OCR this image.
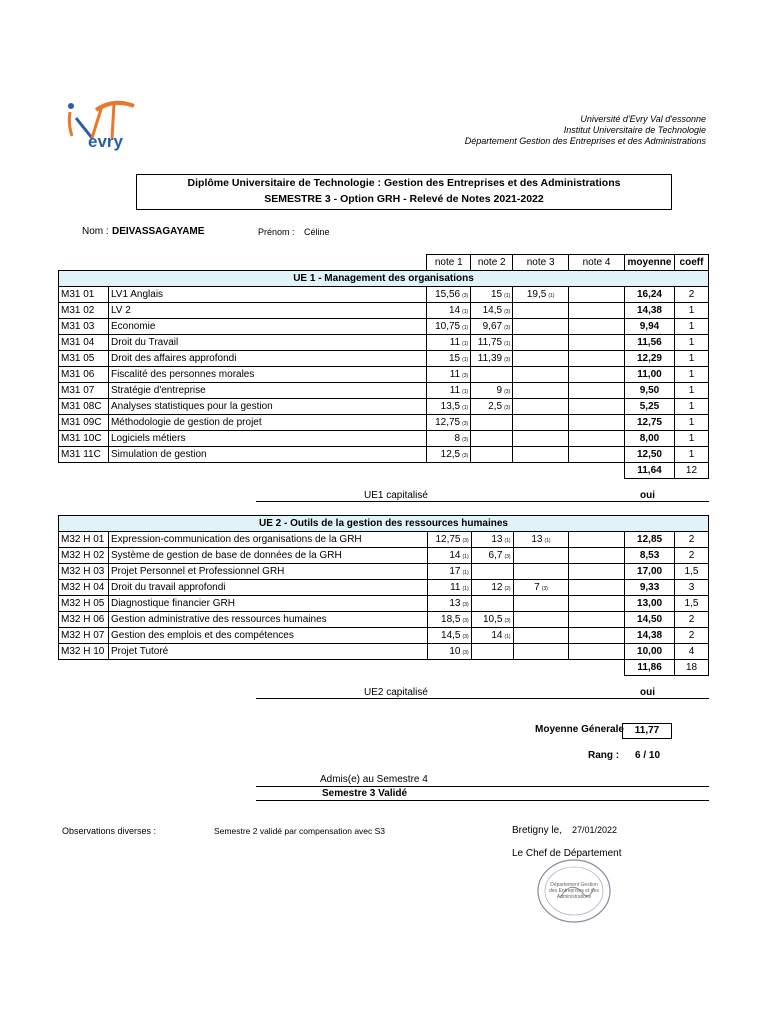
evry
Université d'Evry Val d'essonne
Institut Universitaire de Technologie
Département Gestion des Entreprises et des Administrations
Diplôme Universitaire de Technologie : Gestion des Entreprises et des Administrations
SEMESTRE 3 - Option GRH - Relevé de Notes 2021-2022
Nom : DEIVASSAGAYAME	Prénom : Céline
		note 1	note 2	note 3	note 4	moyenne	coeff
UE 1 - Management des organisations							
M31 01	LV1 Anglais	15,56 (3)	15 (1)	19,5 (1)		16,24	2
M31 02	LV 2	14 (1)	14,5 (3)			14,38	1
M31 03	Economie	10,75 (1)	9,67 (3)			9,94	1
M31 04	Droit du Travail	11 (1)	11,75 (1)			11,56	1
M31 05	Droit des affaires approfondi	15 (1)	11,39 (3)			12,29	1
M31 06	Fiscalité des personnes morales	11 (3)				11,00	1
M31 07	Stratégie d'entreprise	11 (1)	9 (3)			9,50	1
M31 08C	Analyses statistiques pour la gestion	13,5 (1)	2,5 (3)			5,25	1
M31 09C	Méthodologie de gestion de projet	12,75 (3)				12,75	1
M31 10C	Logiciels métiers	8 (3)				8,00	1
M31 11C	Simulation de gestion	12,5 (3)				12,50	1
						11,64	12
UE1 capitalisé	oui
UE 2 - Outils de la gestion des ressources humaines							
M32 H 01	Expression-communication des organisations de la GRH	12,75 (3)	13 (1)	13 (1)		12,85	2
M32 H 02	Système de gestion de base de données de la GRH	14 (1)	6,7 (3)			8,53	2
M32 H 03	Projet Personnel et Professionnel GRH	17 (1)				17,00	1,5
M32 H 04	Droit du travail approfondi	11 (1)	12 (2)	7 (3)		9,33	3
M32 H 05	Diagnostique financier GRH	13 (3)				13,00	1,5
M32 H 06	Gestion administrative des ressources humaines	18,5 (3)	10,5 (3)			14,50	2
M32 H 07	Gestion des emplois et des compétences	14,5 (3)	14 (1)			14,38	2
M32 H 10	Projet Tutoré	10 (3)				10,00	4
						11,86	18
UE2 capitalisé	oui
Moyenne Génerale	11,77
Rang : 6 / 10
Admis(e) au Semestre 4
Semestre 3 Validé
Observations diverses :	Semestre 2 validé par compensation avec S3	Bretigny le, 27/01/2022
Le Chef de Département
Département Gestion des Entreprises et des Administrations
